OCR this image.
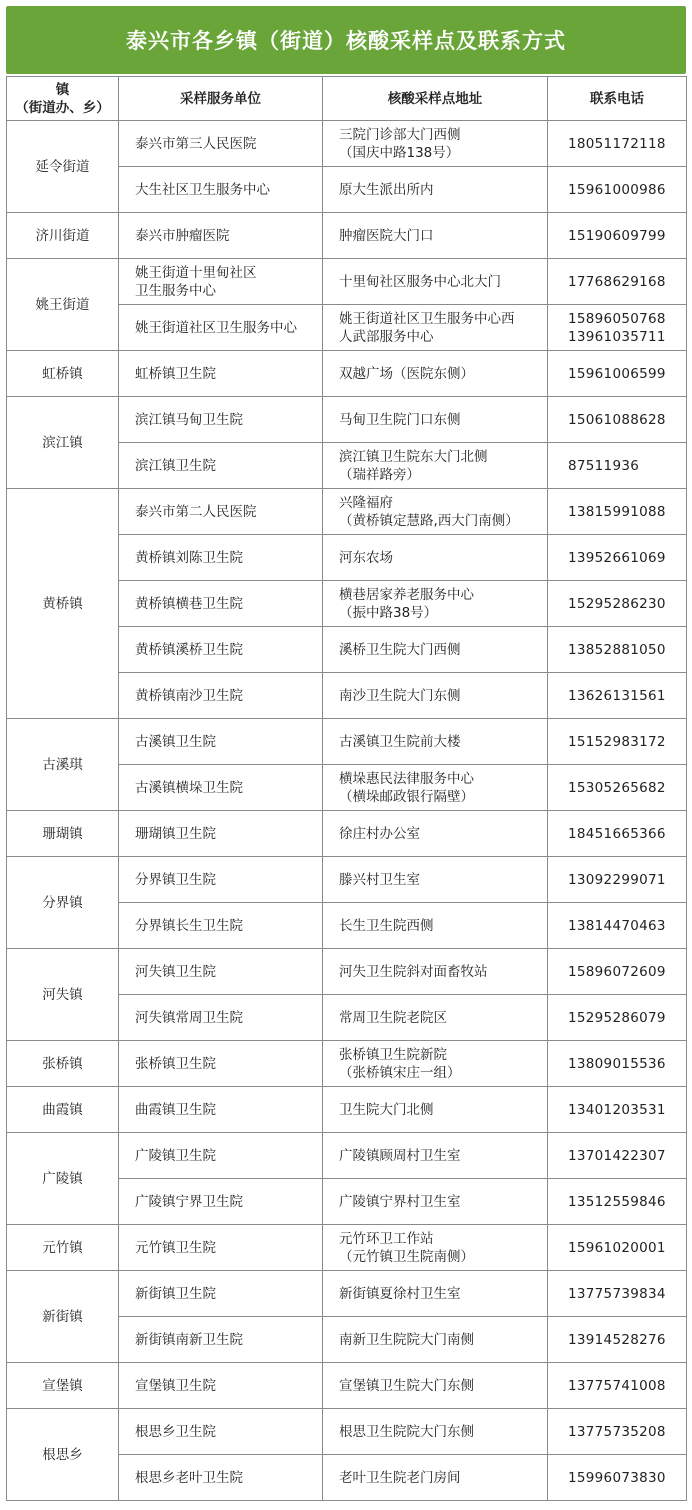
泰兴市各乡镇（街道）核酸采样点及联系方式
镇
（街道办、乡）	采样服务单位	核酸采样点地址	联系电话
延令街道	泰兴市第三人民医院	三院门诊部大门西侧
（国庆中路138号）	18051172118

	大生社区卫生服务中心	原大生派出所内	15961000986

济川街道	泰兴市肿瘤医院	肿瘤医院大门口	15190609799

姚王街道	姚王街道十里甸社区
卫生服务中心	十里甸社区服务中心北大门	17768629168

	姚王街道社区卫生服务中心	姚王街道社区卫生服务中心西
人武部服务中心	15896050768
13961035711

虹桥镇	虹桥镇卫生院	双越广场（医院东侧）	15961006599

滨江镇	滨江镇马甸卫生院	马甸卫生院门口东侧	15061088628

	滨江镇卫生院	滨江镇卫生院东大门北侧
（瑞祥路旁）	87511936

黄桥镇	泰兴市第二人民医院	兴隆福府
（黄桥镇定慧路,西大门南侧）	13815991088

	黄桥镇刘陈卫生院	河东农场	13952661069

	黄桥镇横巷卫生院	横巷居家养老服务中心
（振中路38号）	15295286230

	黄桥镇溪桥卫生院	溪桥卫生院大门西侧	13852881050

	黄桥镇南沙卫生院	南沙卫生院大门东侧	13626131561

古溪琪	古溪镇卫生院	古溪镇卫生院前大楼	15152983172

	古溪镇横垛卫生院	横垛惠民法律服务中心
（横垛邮政银行隔壁）	15305265682

珊瑚镇	珊瑚镇卫生院	徐庄村办公室	18451665366

分界镇	分界镇卫生院	滕兴村卫生室	13092299071

	分界镇长生卫生院	长生卫生院西侧	13814470463

河失镇	河失镇卫生院	河失卫生院斜对面畜牧站	15896072609

	河失镇常周卫生院	常周卫生院老院区	15295286079

张桥镇	张桥镇卫生院	张桥镇卫生院新院
（张桥镇宋庄一组）	13809015536

曲霞镇	曲霞镇卫生院	卫生院大门北侧	13401203531

广陵镇	广陵镇卫生院	广陵镇顾周村卫生室	13701422307

	广陵镇宁界卫生院	广陵镇宁界村卫生室	13512559846

元竹镇	元竹镇卫生院	元竹环卫工作站
（元竹镇卫生院南侧）	15961020001

新街镇	新街镇卫生院	新街镇夏徐村卫生室	13775739834

	新街镇南新卫生院	南新卫生院院大门南侧	13914528276

宣堡镇	宣堡镇卫生院	宣堡镇卫生院大门东侧	13775741008

根思乡	根思乡卫生院	根思卫生院院大门东侧	13775735208

	根思乡老叶卫生院	老叶卫生院老门房间	15996073830
